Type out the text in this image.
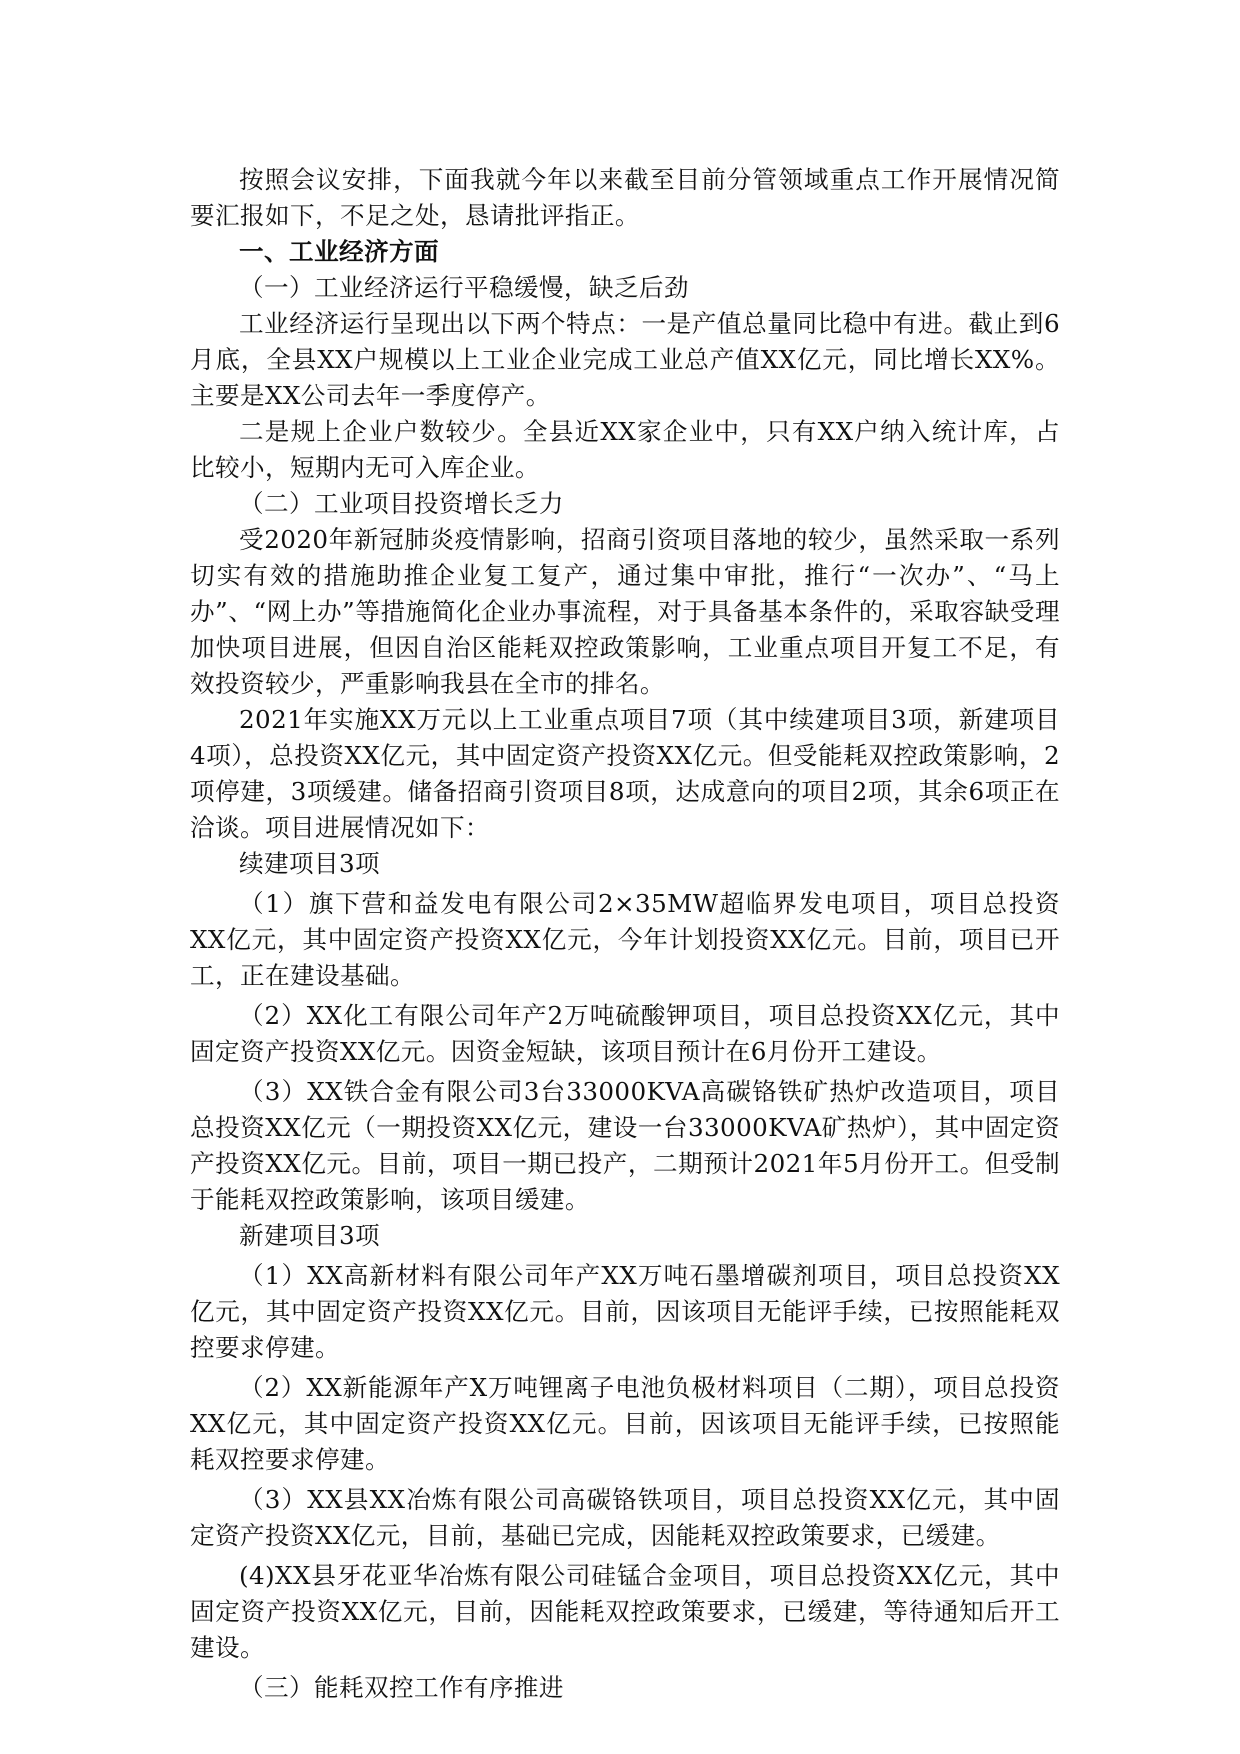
按照会议安排，下面我就今年以来截至目前分管领域重点工作开展情况简要汇报如下，不足之处，恳请批评指正。

一、工业经济方面

（一）工业经济运行平稳缓慢，缺乏后劲

工业经济运行呈现出以下两个特点：一是产值总量同比稳中有进。截止到6月底，全县XX户规模以上工业企业完成工业总产值XX亿元，同比增长XX%。主要是XX公司去年一季度停产。

二是规上企业户数较少。全县近XX家企业中，只有XX户纳入统计库，占比较小，短期内无可入库企业。

（二）工业项目投资增长乏力

受2020年新冠肺炎疫情影响，招商引资项目落地的较少，虽然采取一系列切实有效的措施助推企业复工复产，通过集中审批，推行“一次办”、“马上办”、“网上办”等措施简化企业办事流程，对于具备基本条件的，采取容缺受理加快项目进展，但因自治区能耗双控政策影响，工业重点项目开复工不足，有效投资较少，严重影响我县在全市的排名。

2021年实施XX万元以上工业重点项目7项（其中续建项目3项，新建项目4项），总投资XX亿元，其中固定资产投资XX亿元。但受能耗双控政策影响，2项停建，3项缓建。储备招商引资项目8项，达成意向的项目2项，其余6项正在洽谈。项目进展情况如下：

续建项目3项

（1）旗下营和益发电有限公司2×35MW超临界发电项目，项目总投资XX亿元，其中固定资产投资XX亿元，今年计划投资XX亿元。目前，项目已开工，正在建设基础。

（2）XX化工有限公司年产2万吨硫酸钾项目，项目总投资XX亿元，其中固定资产投资XX亿元。因资金短缺，该项目预计在6月份开工建设。

（3）XX铁合金有限公司3台33000KVA高碳铬铁矿热炉改造项目，项目总投资XX亿元（一期投资XX亿元，建设一台33000KVA矿热炉），其中固定资产投资XX亿元。目前，项目一期已投产，二期预计2021年5月份开工。但受制于能耗双控政策影响，该项目缓建。

新建项目3项

（1）XX高新材料有限公司年产XX万吨石墨增碳剂项目，项目总投资XX亿元，其中固定资产投资XX亿元。目前，因该项目无能评手续，已按照能耗双控要求停建。

（2）XX新能源年产X万吨锂离子电池负极材料项目（二期），项目总投资XX亿元，其中固定资产投资XX亿元。目前，因该项目无能评手续，已按照能耗双控要求停建。

（3）XX县XX冶炼有限公司高碳铬铁项目，项目总投资XX亿元，其中固定资产投资XX亿元，目前，基础已完成，因能耗双控政策要求，已缓建。

(4)XX县牙花亚华冶炼有限公司硅锰合金项目，项目总投资XX亿元，其中固定资产投资XX亿元，目前，因能耗双控政策要求，已缓建，等待通知后开工建设。

（三）能耗双控工作有序推进
